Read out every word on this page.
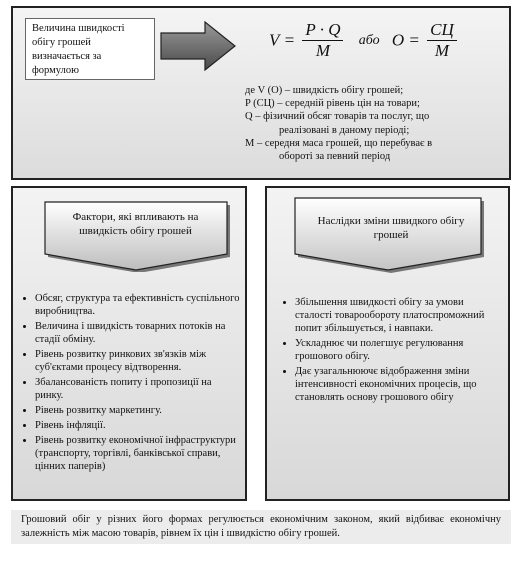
Величина швидкості обігу грошей визначається за формулою
$V = \frac{P \cdot Q}{M}$ або $O = \frac{СЦ}{M}$
де V (O) – швидкість обігу грошей;
P (СЦ) – середній рівень цін на товари;
Q – фізичний обсяг товарів та послуг, що
реалізовані в даному періоді;
M – середня маса грошей, що перебуває в
обороті за певний період
Фактори, які впливають на швидкість обігу грошей
• Обсяг, структура та ефективність суспільного виробництва.
• Величина і швидкість товарних потоків на стадії обміну.
• Рівень розвитку ринкових зв'язків між суб'єктами процесу відтворення.
• Збалансованість попиту і пропозиції на ринку.
• Рівень розвитку маркетингу.
• Рівень інфляції.
• Рівень розвитку економічної інфраструктури (транспорту, торгівлі, банківської справи, цінних паперів)
Наслідки зміни швидкого обігу грошей
• Збільшення швидкості обігу за умови сталості товарообороту платоспроможний попит збільшується, і навпаки.
• Ускладнює чи полегшує регулювання грошового обігу.
• Дає узагальнюючє відображення зміни інтенсивності економічних процесів, що становлять основу грошового обігу
Грошовий обіг у різних його формах регулюється економічним законом, який відбиває економічну залежність між масою товарів, рівнем їх цін і швидкістю обігу грошей.
